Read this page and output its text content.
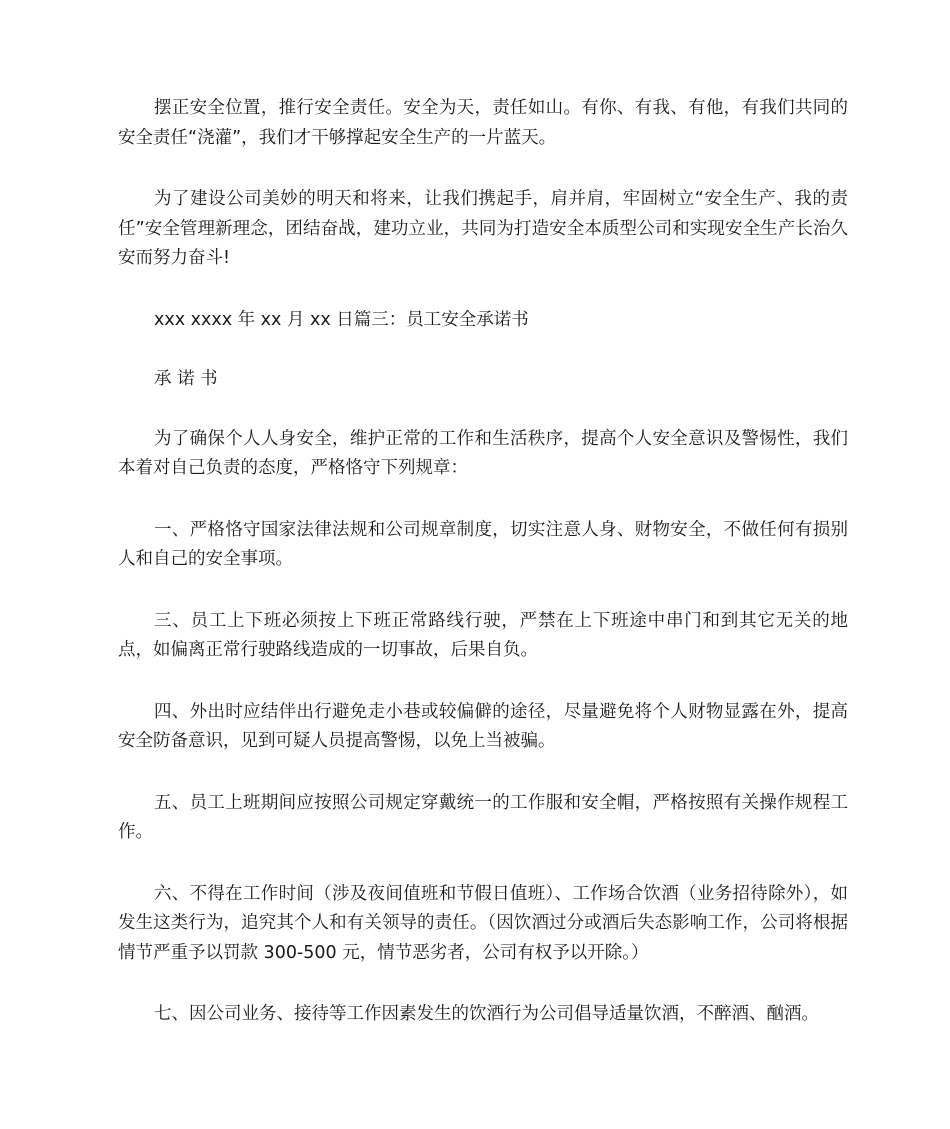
摆正安全位置，推行安全责任。安全为天，责任如山。有你、有我、有他，有我们共同的安全责任“浇灌”，我们才干够撑起安全生产的一片蓝天。

为了建设公司美妙的明天和将来，让我们携起手，肩并肩，牢固树立“安全生产、我的责任”安全管理新理念，团结奋战，建功立业，共同为打造安全本质型公司和实现安全生产长治久安而努力奋斗!

xxx xxxx 年 xx 月 xx 日篇三：员工安全承诺书

承 诺 书

为了确保个人人身安全，维护正常的工作和生活秩序，提高个人安全意识及警惕性，我们本着对自己负责的态度，严格恪守下列规章：

一、严格恪守国家法律法规和公司规章制度，切实注意人身、财物安全，不做任何有损别人和自己的安全事项。

三、员工上下班必须按上下班正常路线行驶，严禁在上下班途中串门和到其它无关的地点，如偏离正常行驶路线造成的一切事故，后果自负。

四、外出时应结伴出行避免走小巷或较偏僻的途径，尽量避免将个人财物显露在外，提高安全防备意识，见到可疑人员提高警惕，以免上当被骗。

五、员工上班期间应按照公司规定穿戴统一的工作服和安全帽，严格按照有关操作规程工作。

六、不得在工作时间（涉及夜间值班和节假日值班）、工作场合饮酒（业务招待除外），如发生这类行为，追究其个人和有关领导的责任。（因饮酒过分或酒后失态影响工作，公司将根据情节严重予以罚款 300-500 元，情节恶劣者，公司有权予以开除。）

七、因公司业务、接待等工作因素发生的饮酒行为公司倡导适量饮酒，不醉酒、酗酒。
